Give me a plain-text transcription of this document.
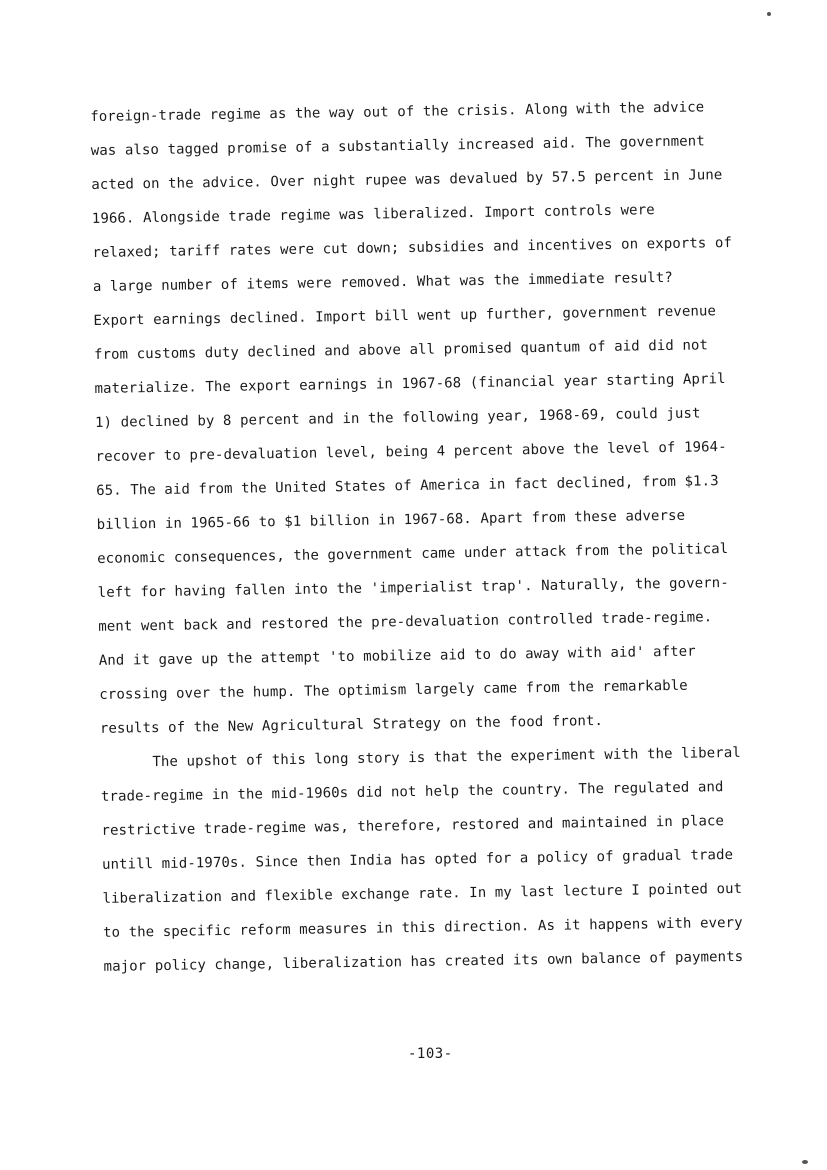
foreign-trade regime as the way out of the crisis. Along with the advice
was also tagged promise of a substantially increased aid. The government
acted on the advice. Over night rupee was devalued by 57.5 percent in June
1966. Alongside trade regime was liberalized. Import controls were
relaxed; tariff rates were cut down; subsidies and incentives on exports of
a large number of items were removed. What was the immediate result?
Export earnings declined. Import bill went up further, government revenue
from customs duty declined and above all promised quantum of aid did not
materialize. The export earnings in 1967-68 (financial year starting April
1) declined by 8 percent and in the following year, 1968-69, could just
recover to pre-devaluation level, being 4 percent above the level of 1964-
65. The aid from the United States of America in fact declined, from $1.3
billion in 1965-66 to $1 billion in 1967-68. Apart from these adverse
economic consequences, the government came under attack from the political
left for having fallen into the 'imperialist trap'. Naturally, the govern-
ment went back and restored the pre-devaluation controlled trade-regime.
And it gave up the attempt 'to mobilize aid to do away with aid' after
crossing over the hump. The optimism largely came from the remarkable
results of the New Agricultural Strategy on the food front.
The upshot of this long story is that the experiment with the liberal
trade-regime in the mid-1960s did not help the country. The regulated and
restrictive trade-regime was, therefore, restored and maintained in place
untill mid-1970s. Since then India has opted for a policy of gradual trade
liberalization and flexible exchange rate. In my last lecture I pointed out
to the specific reform measures in this direction. As it happens with every
major policy change, liberalization has created its own balance of payments
-103-
